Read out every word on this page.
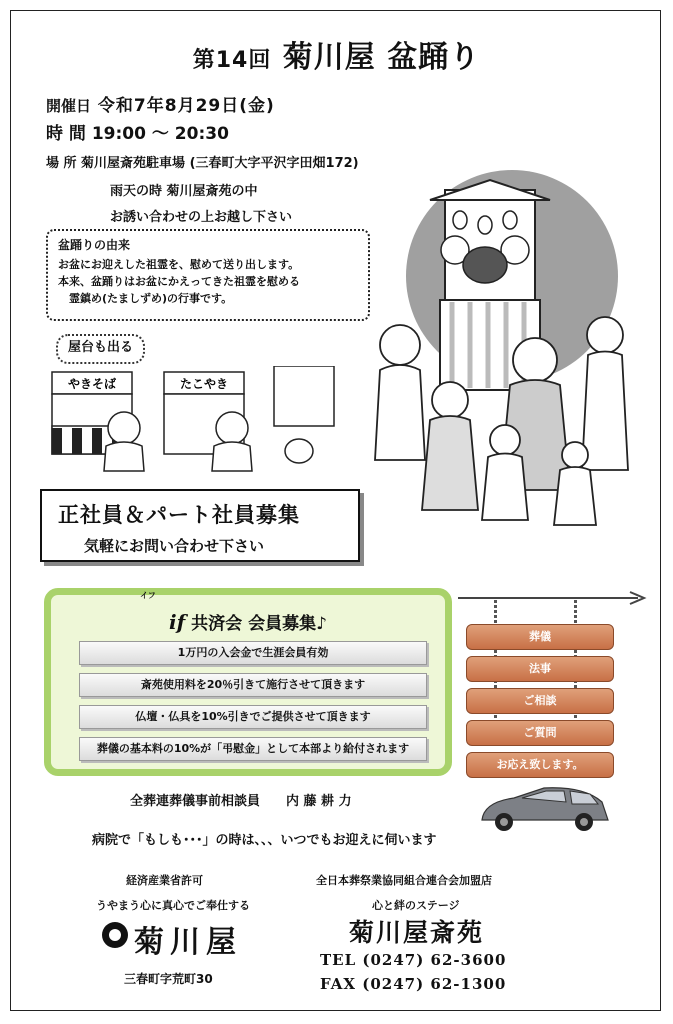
第14回 菊川屋 盆踊り
開催日 令和7年8月29日(金)
時 間 19:00 ～ 20:30
場 所 菊川屋斎苑駐車場 (三春町大字平沢字田畑172)
雨天の時 菊川屋斎苑の中
お誘い合わせの上お越し下さい
盆踊りの由来
お盆にお迎えした祖霊を、慰めて送り出します。
本来、盆踊りはお盆にかえってきた祖霊を慰める
　霊鎮め(たましずめ)の行事です。
屋台も出る
やきそば	たこやき
正社員＆パート社員募集
気軽にお問い合わせ下さい
if 共済会 会員募集♪
1万円の入会金で生涯会員有効
斎苑使用料を20％引きて施行させて頂きます
仏壇・仏具を10%引きでご提供させて頂きます
葬儀の基本料の10%が「弔慰金」として本部より給付されます
イフ
葬儀
法事
ご相談
ご質問
お応え致します。
全葬連葬儀事前相談員　　内 藤 耕 力
病院で「もしも･･･」の時は、、、いつでもお迎えに伺います
経済産業省許可
うやまう心に真心でご奉仕する
菊川屋
三春町字荒町30
全日本葬祭業協同組合連合会加盟店
心と絆のステージ
菊川屋斎苑
TEL (0247) 62-3600
FAX (0247) 62-1300
